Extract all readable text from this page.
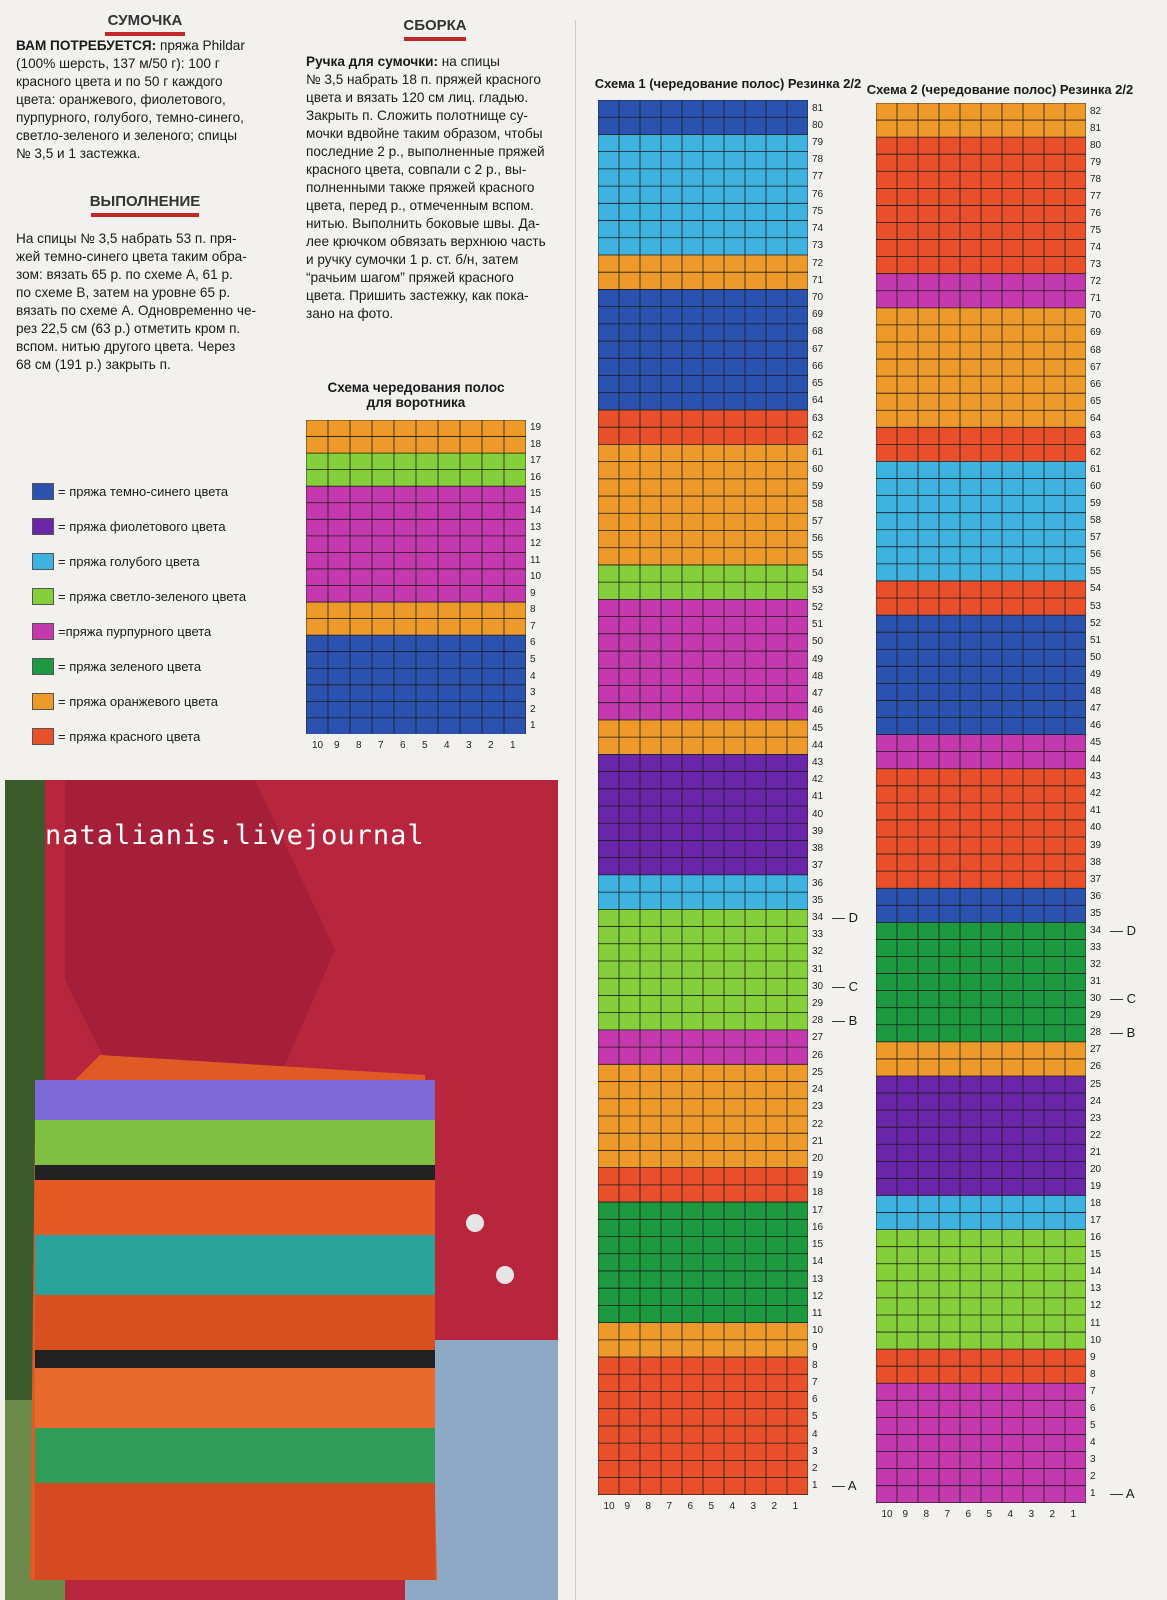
СУМОЧКА
ВАМ ПОТРЕБУЕТСЯ: пряжа Phildar
(100% шерсть, 137 м/50 г): 100 г
красного цвета и по 50 г каждого
цвета: оранжевого, фиолетового,
пурпурного, голубого, темно-синего,
светло-зеленого и зеленого; спицы
№ 3,5 и 1 застежка.
ВЫПОЛНЕНИЕ
На спицы № 3,5 набрать 53 п. пря-
жей темно-синего цвета таким обра-
зом: вязать 65 р. по схеме А, 61 р.
по схеме В, затем на уровне 65 р.
вязать по схеме А. Одновременно че-
рез 22,5 см (63 р.) отметить кром п.
вспом. нитью другого цвета. Через
68 см (191 р.) закрыть п.
СБОРКА
Ручка для сумочки: на спицы
№ 3,5 набрать 18 п. пряжей красного
цвета и вязать 120 см лиц. гладью.
Закрыть п. Сложить полотнище су-
мочки вдвойне таким образом, чтобы
последние 2 р., выполненные пряжей
красного цвета, совпали с 2 р., вы-
полненными также пряжей красного
цвета, перед р., отмеченным вспом.
нитью. Выполнить боковые швы. Да-
лее крючком обвязать верхнюю часть
и ручку сумочки 1 р. ст. б/н, затем
“рачьим шагом” пряжей красного
цвета. Пришить застежку, как пока-
зано на фото.
Схема чередования полос
для воротника
= пряжа темно-синего цвета
= пряжа фиолетового цвета
= пряжа голубого цвета
= пряжа светло-зеленого цвета
=пряжа пурпурного цвета
= пряжа зеленого цвета
= пряжа оранжевого цвета
= пряжа красного цвета
natalianis.livejournal
Схема 1 (чередование полос) Резинка 2/2 Схема 2 (чередование полос) Резинка 2/2
1
2
3
4
5
6
7
8
9
10
11
12
13
14
15
16
17
18
19
10 9 8 7 6 5 4 3 2 1
1
2
3
4
5
6
7
8
9
10
11
12
13
14
15
16
17
18
19
20
21
22
23
24
25
26
27
28
29
30
31
32
33
34
35
36
37
38
39
40
41
42
43
44
45
46
47
48
49
50
51
52
53
54
55
56
57
58
59
60
61
62
63
64
65
66
67
68
69
70
71
72
73
74
75
76
77
78
79
80
81
10 9 8 7 6 5 4 3 2 1
— A
— B
— C
— D
1
2
3
4
5
6
7
8
9
10
11
12
13
14
15
16
17
18
19
20
21
22
23
24
25
26
27
28
29
30
31
32
33
34
35
36
37
38
39
40
41
42
43
44
45
46
47
48
49
50
51
52
53
54
55
56
57
58
59
60
61
62
63
64
65
66
67
68
69
70
71
72
73
74
75
76
77
78
79
80
81
82
10 9 8 7 6 5 4 3 2 1
— A
— B
— C
— D
